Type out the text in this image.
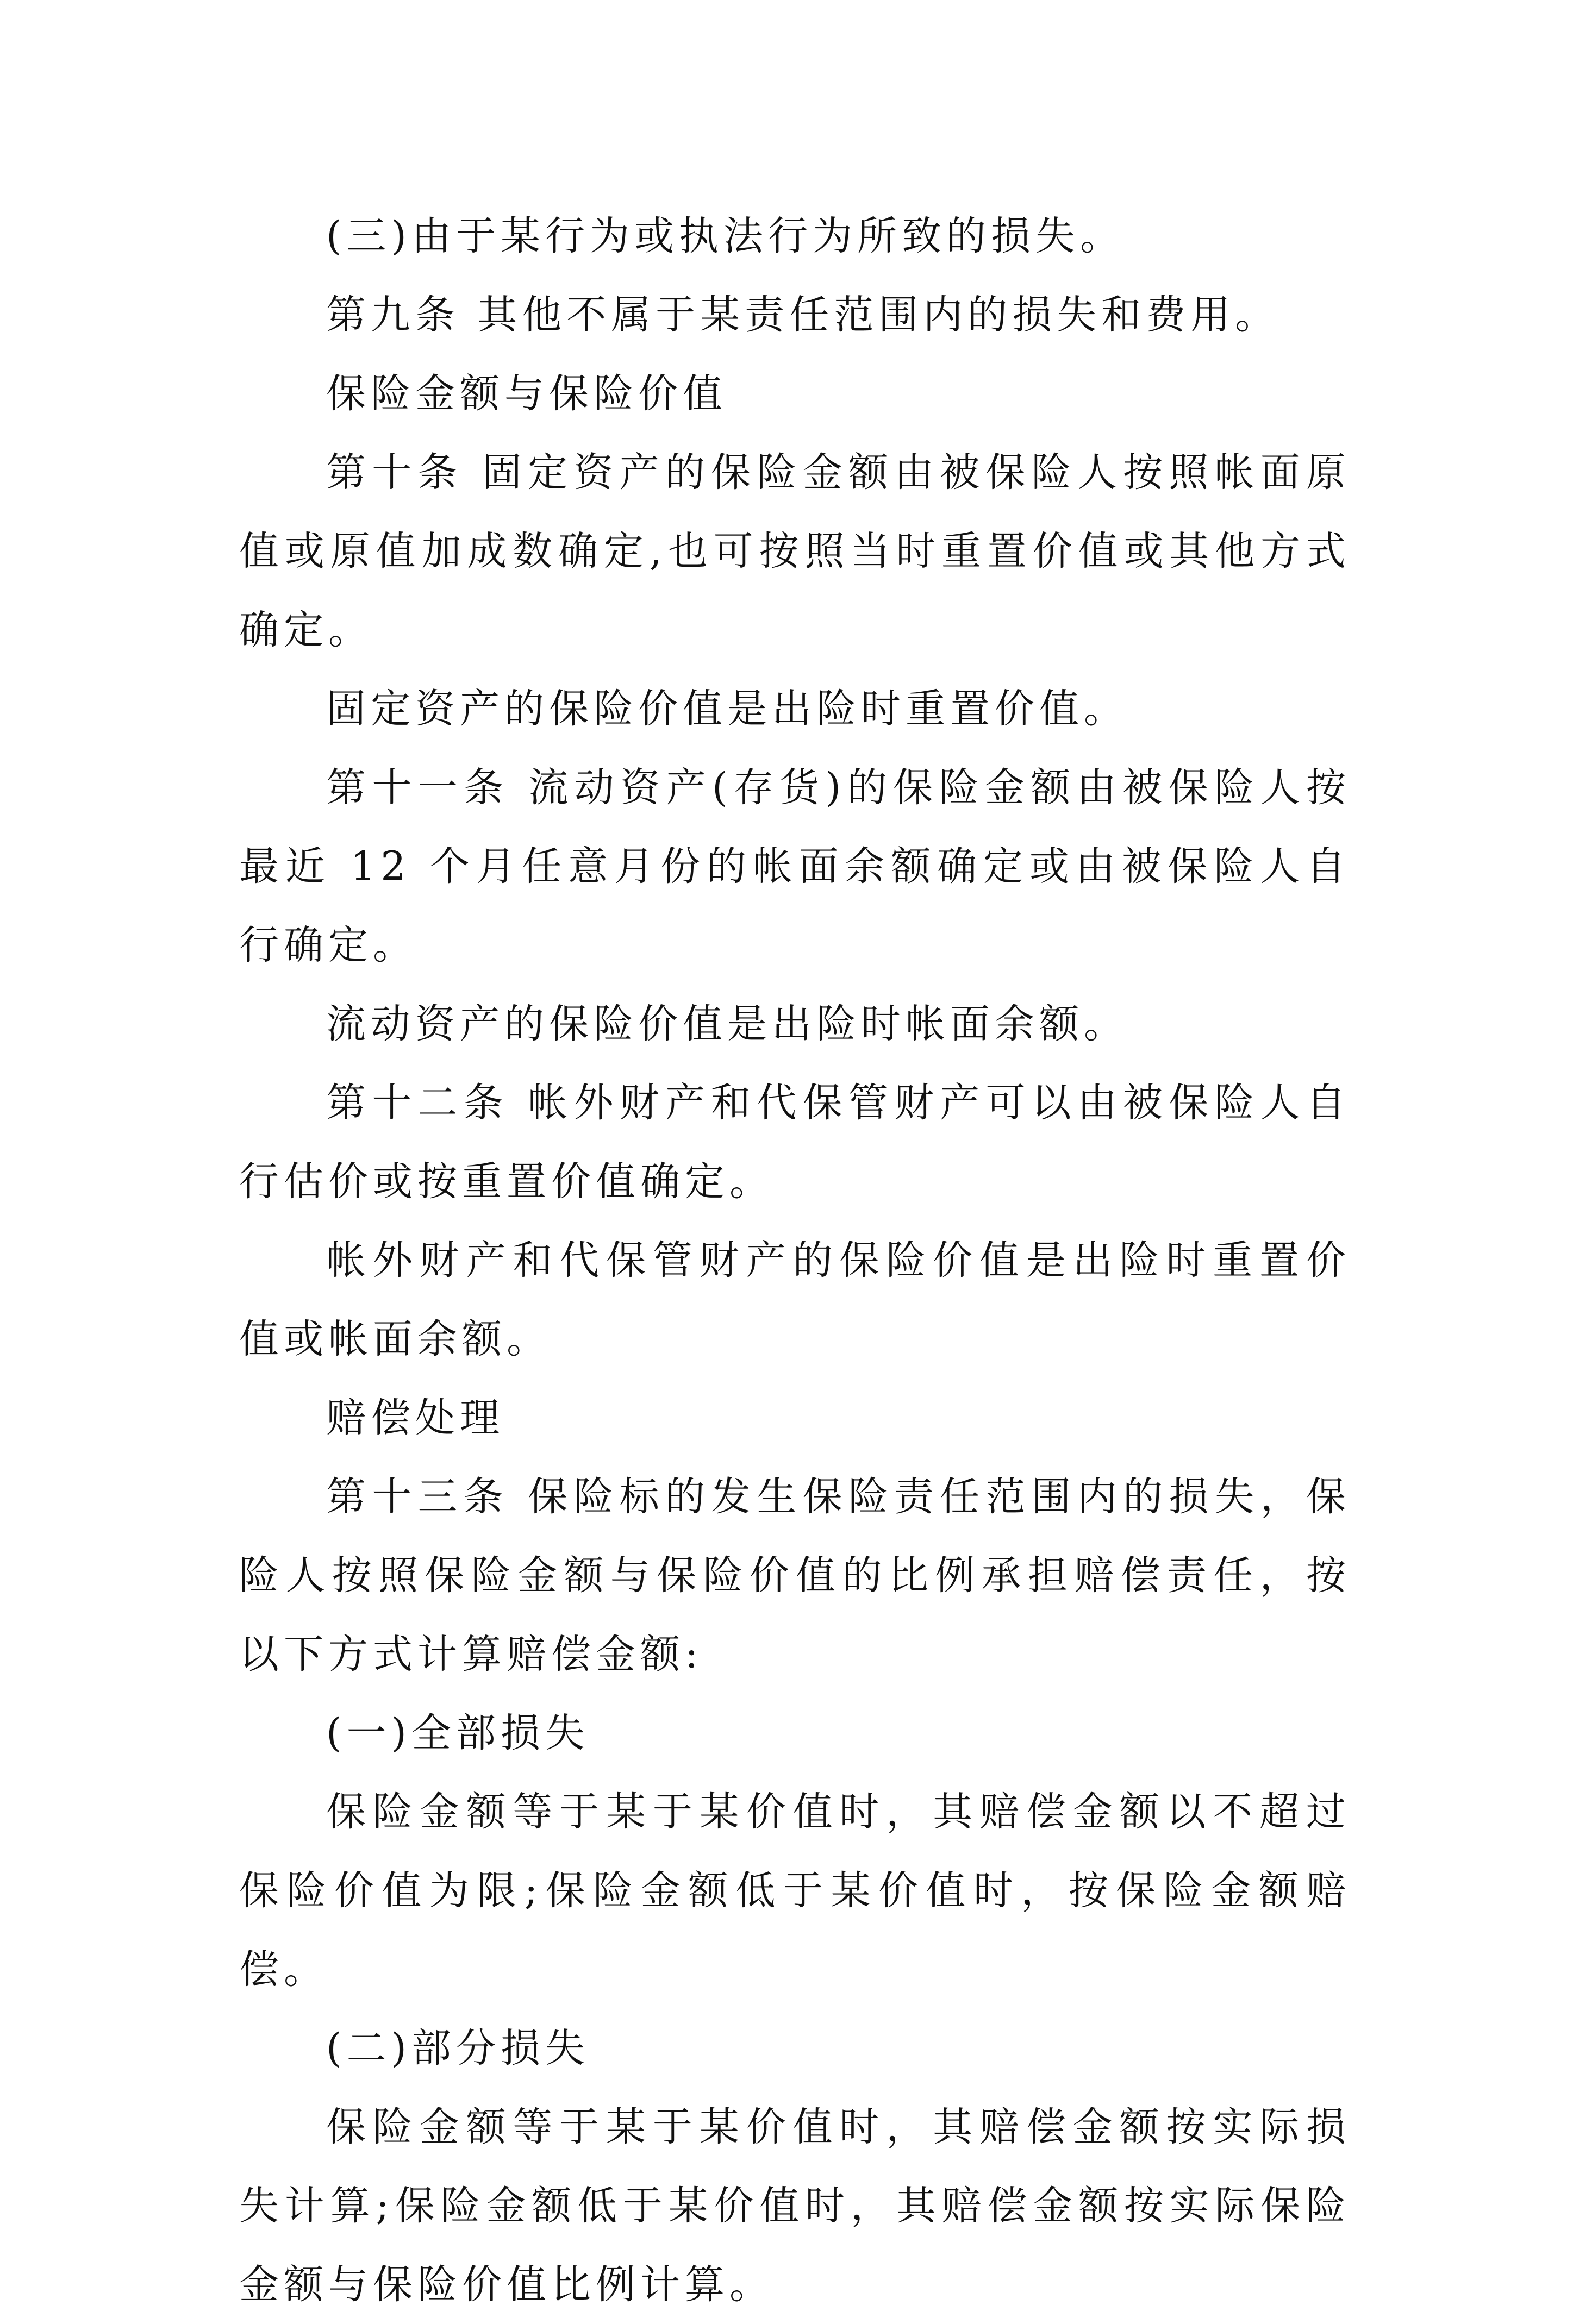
(三)由于某行为或执法行为所致的损失。

第九条 其他不属于某责任范围内的损失和费用。

保险金额与保险价值

第十条 固定资产的保险金额由被保险人按照帐面原值或原值加成数确定,也可按照当时重置价值或其他方式确定。

固定资产的保险价值是出险时重置价值。

第十一条 流动资产(存货)的保险金额由被保险人按最近 12 个月任意月份的帐面余额确定或由被保险人自行确定。

流动资产的保险价值是出险时帐面余额。

第十二条 帐外财产和代保管财产可以由被保险人自行估价或按重置价值确定。

帐外财产和代保管财产的保险价值是出险时重置价值或帐面余额。

赔偿处理

第十三条 保险标的发生保险责任范围内的损失，保险人按照保险金额与保险价值的比例承担赔偿责任，按以下方式计算赔偿金额:

(一)全部损失

保险金额等于某于某价值时，其赔偿金额以不超过保险价值为限;保险金额低于某价值时，按保险金额赔偿。

(二)部分损失

保险金额等于某于某价值时，其赔偿金额按实际损失计算;保险金额低于某价值时，其赔偿金额按实际保险金额与保险价值比例计算。
